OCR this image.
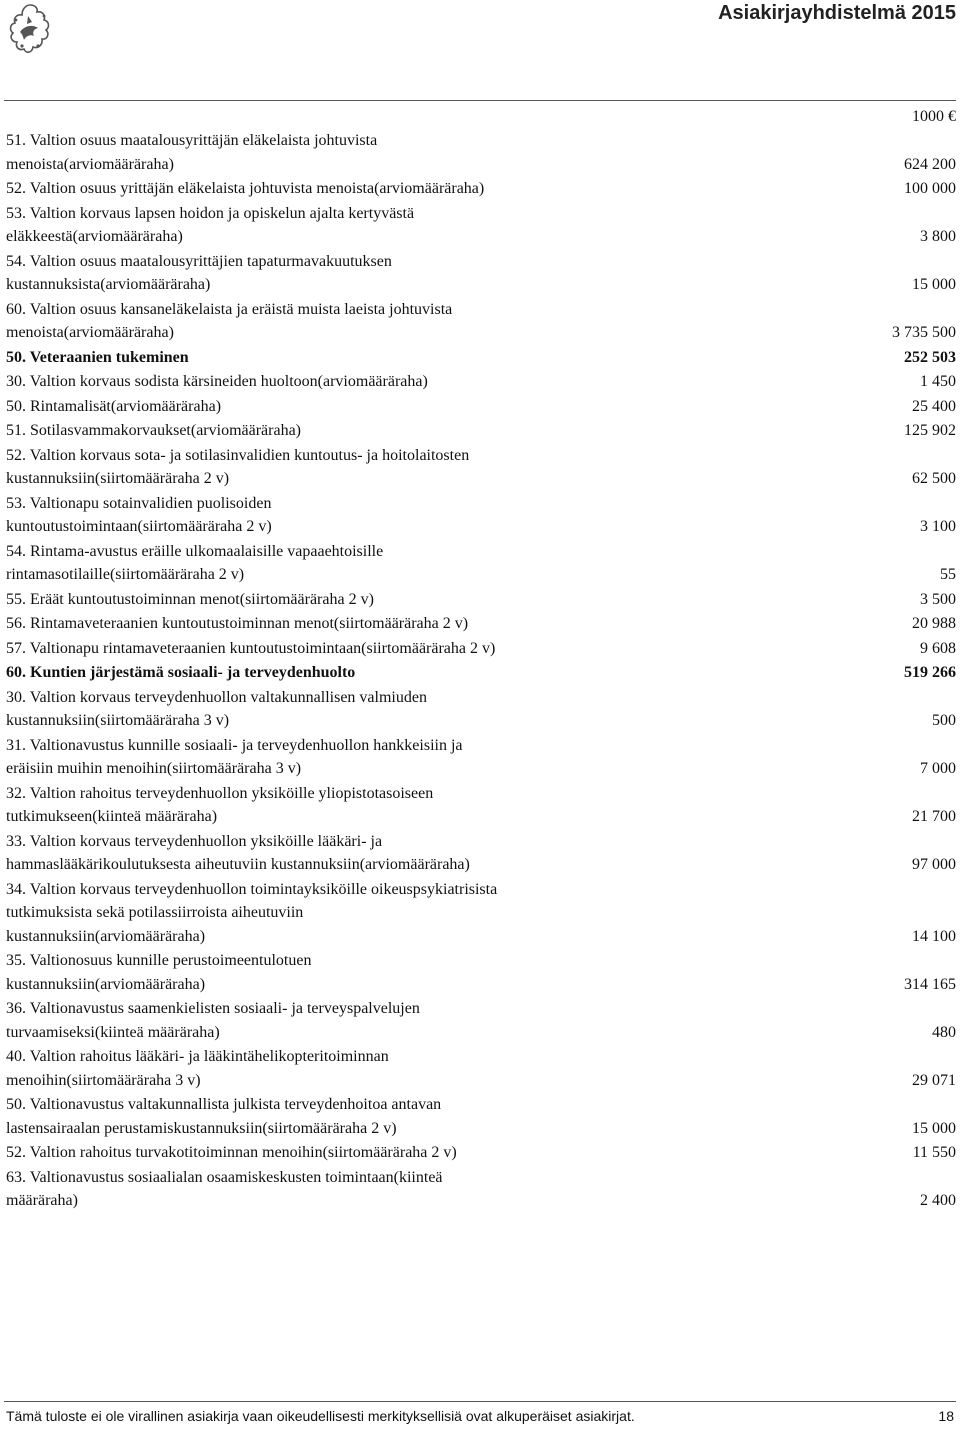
Asiakirjayhdistelmä 2015
1000 €
51. Valtion osuus maatalousyrittäjän eläkelaista johtuvista menoista(arviomääräraha)	624 200
52. Valtion osuus yrittäjän eläkelaista johtuvista menoista(arviomääräraha)	100 000
53. Valtion korvaus lapsen hoidon ja opiskelun ajalta kertyvästä eläkkeestä(arviomääräraha)	3 800
54. Valtion osuus maatalousyrittäjien tapaturmavakuutuksen kustannuksista(arviomääräraha)	15 000
60. Valtion osuus kansaneläkelaista ja eräistä muista laeista johtuvista menoista(arviomääräraha)	3 735 500
50. Veteraanien tukeminen	252 503
30. Valtion korvaus sodista kärsineiden huoltoon(arviomääräraha)	1 450
50. Rintamalisät(arviomääräraha)	25 400
51. Sotilasvammakorvaukset(arviomääräraha)	125 902
52. Valtion korvaus sota- ja sotilasinvalidien kuntoutus- ja hoitolaitosten kustannuksiin(siirtomääräraha 2 v)	62 500
53. Valtionapu sotainvalidien puolisoiden kuntoutustoimintaan(siirtomääräraha 2 v)	3 100
54. Rintama-avustus eräille ulkomaalaisille vapaaehtoisille rintamasotilaille(siirtomääräraha 2 v)	55
55. Eräät kuntoutustoiminnan menot(siirtomääräraha 2 v)	3 500
56. Rintamaveteraanien kuntoutustoiminnan menot(siirtomääräraha 2 v)	20 988
57. Valtionapu rintamaveteraanien kuntoutustoimintaan(siirtomääräraha 2 v)	9 608
60. Kuntien järjestämä sosiaali- ja terveydenhuolto	519 266
30. Valtion korvaus terveydenhuollon valtakunnallisen valmiuden kustannuksiin(siirtomääräraha 3 v)	500
31. Valtionavustus kunnille sosiaali- ja terveydenhuollon hankkeisiin ja eräisiin muihin menoihin(siirtomääräraha 3 v)	7 000
32. Valtion rahoitus terveydenhuollon yksiköille yliopistotasoiseen tutkimukseen(kiinteä määräraha)	21 700
33. Valtion korvaus terveydenhuollon yksiköille lääkäri- ja hammaslääkärikoulutuksesta aiheutuviin kustannuksiin(arviomääräraha)	97 000
34. Valtion korvaus terveydenhuollon toimintayksiköille oikeuspsykiatrisista tutkimuksista sekä potilassiirroista aiheutuviin kustannuksiin(arviomääräraha)	14 100
35. Valtionosuus kunnille perustoimeentulotuen kustannuksiin(arviomääräraha)	314 165
36. Valtionavustus saamenkielisten sosiaali- ja terveyspalvelujen turvaamiseksi(kiinteä määräraha)	480
40. Valtion rahoitus lääkäri- ja lääkintähelikopteritoiminnan menoihin(siirtomääräraha 3 v)	29 071
50. Valtionavustus valtakunnallista julkista terveydenhoitoa antavan lastensairaalan perustamiskustannuksiin(siirtomääräraha 2 v)	15 000
52. Valtion rahoitus turvakotitoiminnan menoihin(siirtomääräraha 2 v)	11 550
63. Valtionavustus sosiaalialan osaamiskeskusten toimintaan(kiinteä määräraha)	2 400
Tämä tuloste ei ole virallinen asiakirja vaan oikeudellisesti merkityksellisiä ovat alkuperäiset asiakirjat.	18
